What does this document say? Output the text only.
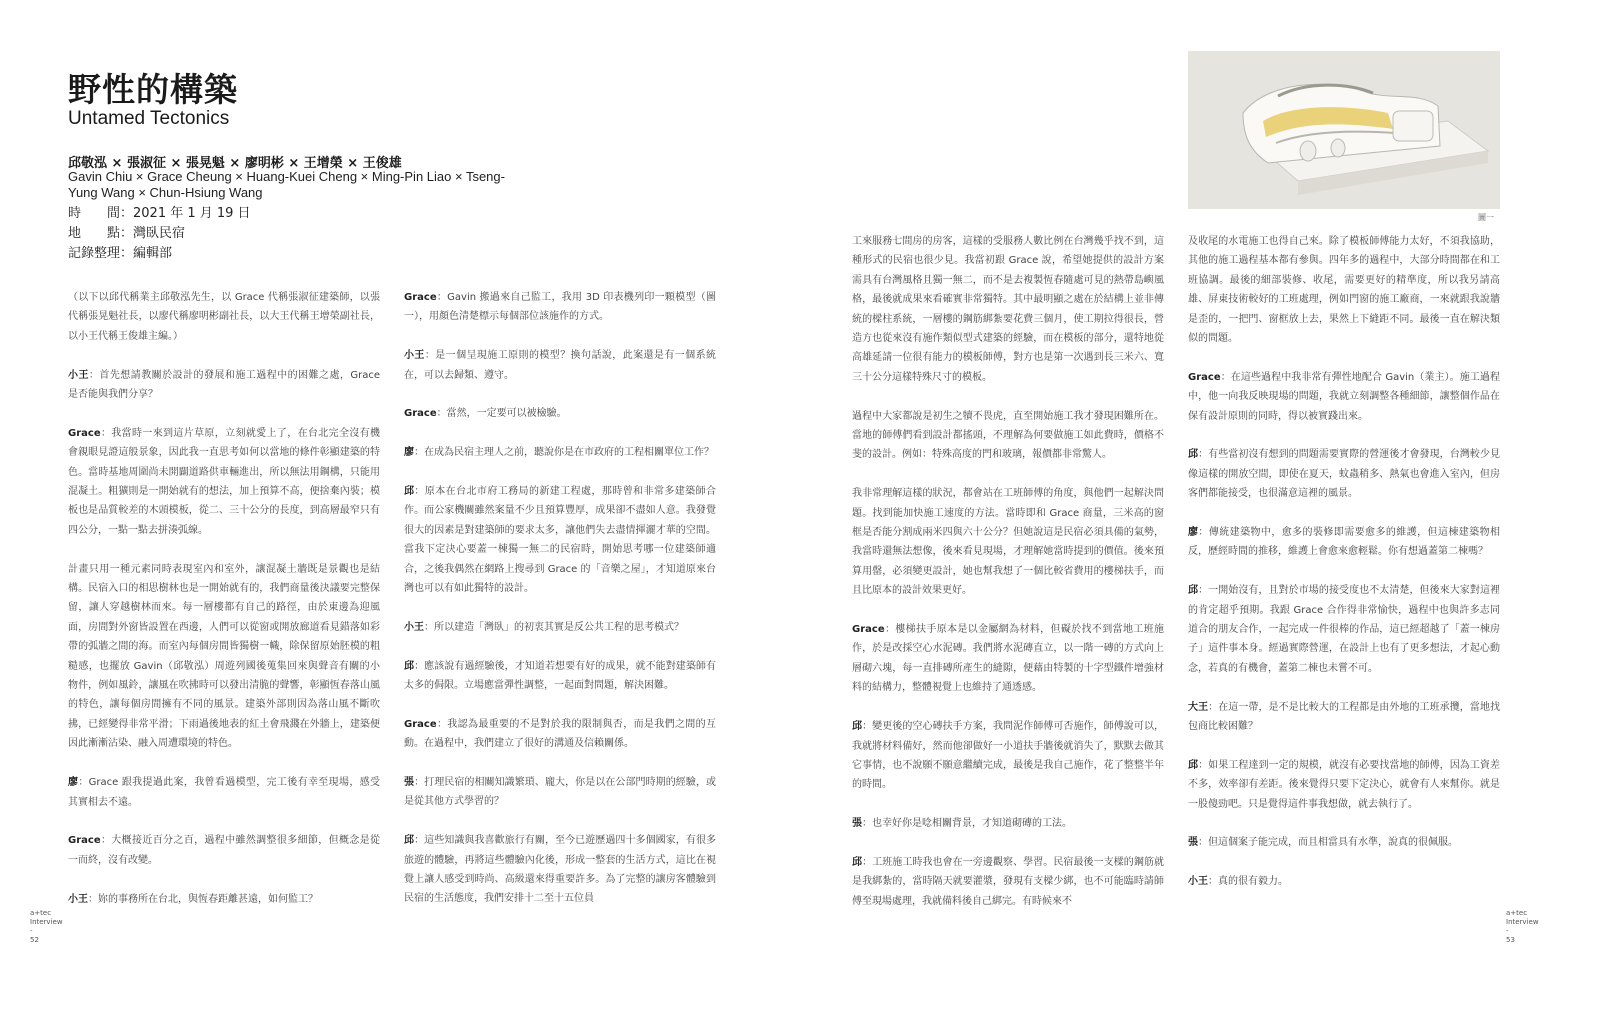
野性的構築
Untamed Tectonics
邱敬泓 × 張淑征 × 張晃魁 × 廖明彬 × 王增榮 × 王俊雄
Gavin Chiu × Grace Cheung × Huang-Kuei Cheng × Ming-Pin Liao × Tseng-Yung Wang × Chun-Hsiung Wang
時　　間：2021 年 1 月 19 日
地　　點：灣臥民宿
記錄整理：編輯部

（以下以邱代稱業主邱敬泓先生，以 Grace 代稱張淑征建築師，以張代稱張晃魁社長，以廖代稱廖明彬副社長，以大王代稱王增榮副社長，以小王代稱王俊雄主編。）

小王：首先想請教關於設計的發展和施工過程中的困難之處，Grace 是否能與我們分享？

Grace：我當時一來到這片草原，立刻就愛上了，在台北完全沒有機會親眼見證這般景象，因此我一直思考如何以當地的條件彰顯建築的特色。當時基地周圍尚未開闢道路供車輛進出，所以無法用鋼構，只能用混凝土。粗獷則是一開始就有的想法，加上預算不高，便捨棄內裝；模板也是品質較差的木頭模板，從二、三十公分的長度，到高層最窄只有四公分，一點一點去拼湊弧線。

計畫只用一種元素同時表現室內和室外，讓混凝土牆既是景觀也是結構。民宿入口的相思樹林也是一開始就有的，我們商量後決議要完整保留，讓人穿越樹林而來。每一層樓都有自己的路徑，由於東邊為迎風面，房間對外窗皆設置在西邊，人們可以從窗或開放廊道看見錯落如彩帶的弧牆之間的海。而室內每個房間皆獨樹一幟，除保留原始胚模的粗糙感，也擺放 Gavin（邱敬泓）周遊列國後蒐集回來與聲音有關的小物件，例如風鈴，讓風在吹拂時可以發出清脆的聲響，彰顯恆春落山風的特色，讓每個房間擁有不同的風景。建築外部則因為落山風不斷吹拂，已經變得非常平滑；下雨過後地表的紅土會飛濺在外牆上，建築便因此漸漸沾染、融入周遭環境的特色。

廖：Grace 跟我提過此案，我曾看過模型，完工後有幸至現場，感受其實相去不遠。

Grace：大概接近百分之百，過程中雖然調整很多細節，但概念是從一而終，沒有改變。

小王：妳的事務所在台北，與恆春距離甚遠，如何監工？

Grace：Gavin 搬過來自己監工，我用 3D 印表機列印一顆模型（圖一），用顏色清楚標示每個部位該施作的方式。

小王：是一個呈現施工原則的模型？換句話說，此案還是有一個系統在，可以去歸類、遵守。

Grace：當然，一定要可以被檢驗。

廖：在成為民宿主理人之前，聽說你是在市政府的工程相關單位工作？

邱：原本在台北市府工務局的新建工程處，那時曾和非常多建築師合作。而公家機關雖然案量不少且預算豐厚，成果卻不盡如人意。我發覺很大的因素是對建築師的要求太多，讓他們失去盡情揮灑才華的空間。當我下定決心要蓋一棟獨一無二的民宿時，開始思考哪一位建築師適合，之後我偶然在網路上搜尋到 Grace 的「音樂之屋」，才知道原來台灣也可以有如此獨特的設計。

小王：所以建造「灣臥」的初衷其實是反公共工程的思考模式？

邱：應該說有過經驗後，才知道若想要有好的成果，就不能對建築師有太多的侷限。立場應當彈性調整，一起面對問題，解決困難。

Grace：我認為最重要的不是對於我的限制與否，而是我們之間的互動。在過程中，我們建立了很好的溝通及信賴關係。

張：打理民宿的相關知識繁瑣、龐大，你是以在公部門時期的經驗，或是從其他方式學習的？

邱：這些知識與我喜歡旅行有關，至今已遊歷過四十多個國家，有很多旅遊的體驗，再將這些體驗內化後，形成一整套的生活方式，這比在視覺上讓人感受到時尚、高級還來得重要許多。為了完整的讓房客體驗到民宿的生活態度，我們安排十二至十五位員

工來服務七間房的房客，這樣的受服務人數比例在台灣幾乎找不到，這種形式的民宿也很少見。我當初跟 Grace 說，希望她提供的設計方案需具有台灣風格且獨一無二，而不是去複製恆春隨處可見的熱帶島嶼風格，最後就成果來看確實非常獨特。其中最明顯之處在於結構上並非傳統的樑柱系統，一層樓的鋼筋綁紮要花費三個月，使工期拉得很長，營造方也從來沒有施作類似型式建築的經驗，而在模板的部分，還特地從高雄延請一位很有能力的模板師傅，對方也是第一次遇到長三米六、寬三十公分這樣特殊尺寸的模板。

過程中大家都說是初生之犢不畏虎，直至開始施工我才發現困難所在。當地的師傅們看到設計都搖頭，不理解為何要做施工如此費時，價格不斐的設計。例如：特殊高度的門和玻璃，報價都非常驚人。

我非常理解這樣的狀況，都會站在工班師傅的角度，與他們一起解決問題。找到能加快施工速度的方法。當時即和 Grace 商量，三米高的窗框是否能分割成兩米四與六十公分？但她說這是民宿必須具備的氣勢，我當時還無法想像，後來看見現場，才理解她當時提到的價值。後來預算用罄，必須變更設計，她也幫我想了一個比較省費用的樓梯扶手，而且比原本的設計效果更好。

Grace：樓梯扶手原本是以金屬網為材料，但礙於找不到當地工班施作，於是改採空心水泥磚。我們將水泥磚直立，以一階一磚的方式向上層砌六塊，每一直排磚所產生的縫隙，便藉由特製的十字型鐵件增強材料的結構力，整體視覺上也維持了通透感。

邱：變更後的空心磚扶手方案，我問泥作師傅可否施作，師傅說可以，我就將材料備好，然而他卻做好一小道扶手牆後就消失了，默默去做其它事情，也不說願不願意繼續完成，最後是我自己施作，花了整整半年的時間。

張：也幸好你是唸相關背景，才知道砌磚的工法。

邱：工班施工時我也會在一旁邊觀察、學習。民宿最後一支樑的鋼筋就是我綁紮的，當時隔天就要灌漿，發現有支樑少綁，也不可能臨時請師傅至現場處理，我就備料後自己綁完。有時候來不

及收尾的水電施工也得自己來。除了模板師傅能力太好，不須我協助，其他的施工過程基本都有參與。四年多的過程中，大部分時間都在和工班協調。最後的細部裝修、收尾，需要更好的精準度，所以我另請高雄、屏東技術較好的工班處理，例如門窗的施工廠商，一來就跟我說牆是歪的，一把門、窗框放上去，果然上下縫距不同。最後一直在解決類似的問題。

Grace：在這些過程中我非常有彈性地配合 Gavin（業主）。施工過程中，他一向我反映現場的問題，我就立刻調整各種細節，讓整個作品在保有設計原則的同時，得以被實踐出來。

邱：有些當初沒有想到的問題需要實際的營運後才會發現，台灣較少見像這樣的開放空間，即使在夏天，蚊蟲稍多、熱氣也會進入室內，但房客們都能接受，也很滿意這裡的風景。

廖：傳統建築物中，愈多的裝修即需要愈多的維護，但這棟建築物相反，歷經時間的推移，維護上會愈來愈輕鬆。你有想過蓋第二棟嗎？

邱：一開始沒有，且對於市場的接受度也不太清楚，但後來大家對這裡的肯定超乎預期。我跟 Grace 合作得非常愉快，過程中也與許多志同道合的朋友合作，一起完成一件很棒的作品，這已經超越了「蓋一棟房子」這件事本身。經過實際營運，在設計上也有了更多想法，才起心動念，若真的有機會，蓋第二棟也未嘗不可。

大王：在這一帶，是不是比較大的工程都是由外地的工班承攬，當地找包商比較困難？

邱：如果工程達到一定的規模，就沒有必要找當地的師傅，因為工資差不多，效率卻有差距。後來覺得只要下定決心，就會有人來幫你。就是一股傻勁吧。只是覺得這件事我想做，就去執行了。

張：但這個案子能完成，而且相當具有水準，說真的很佩服。

小王：真的很有毅力。

圖一
a+tec
Interview
-
52
a+tec
Interview
-
53
